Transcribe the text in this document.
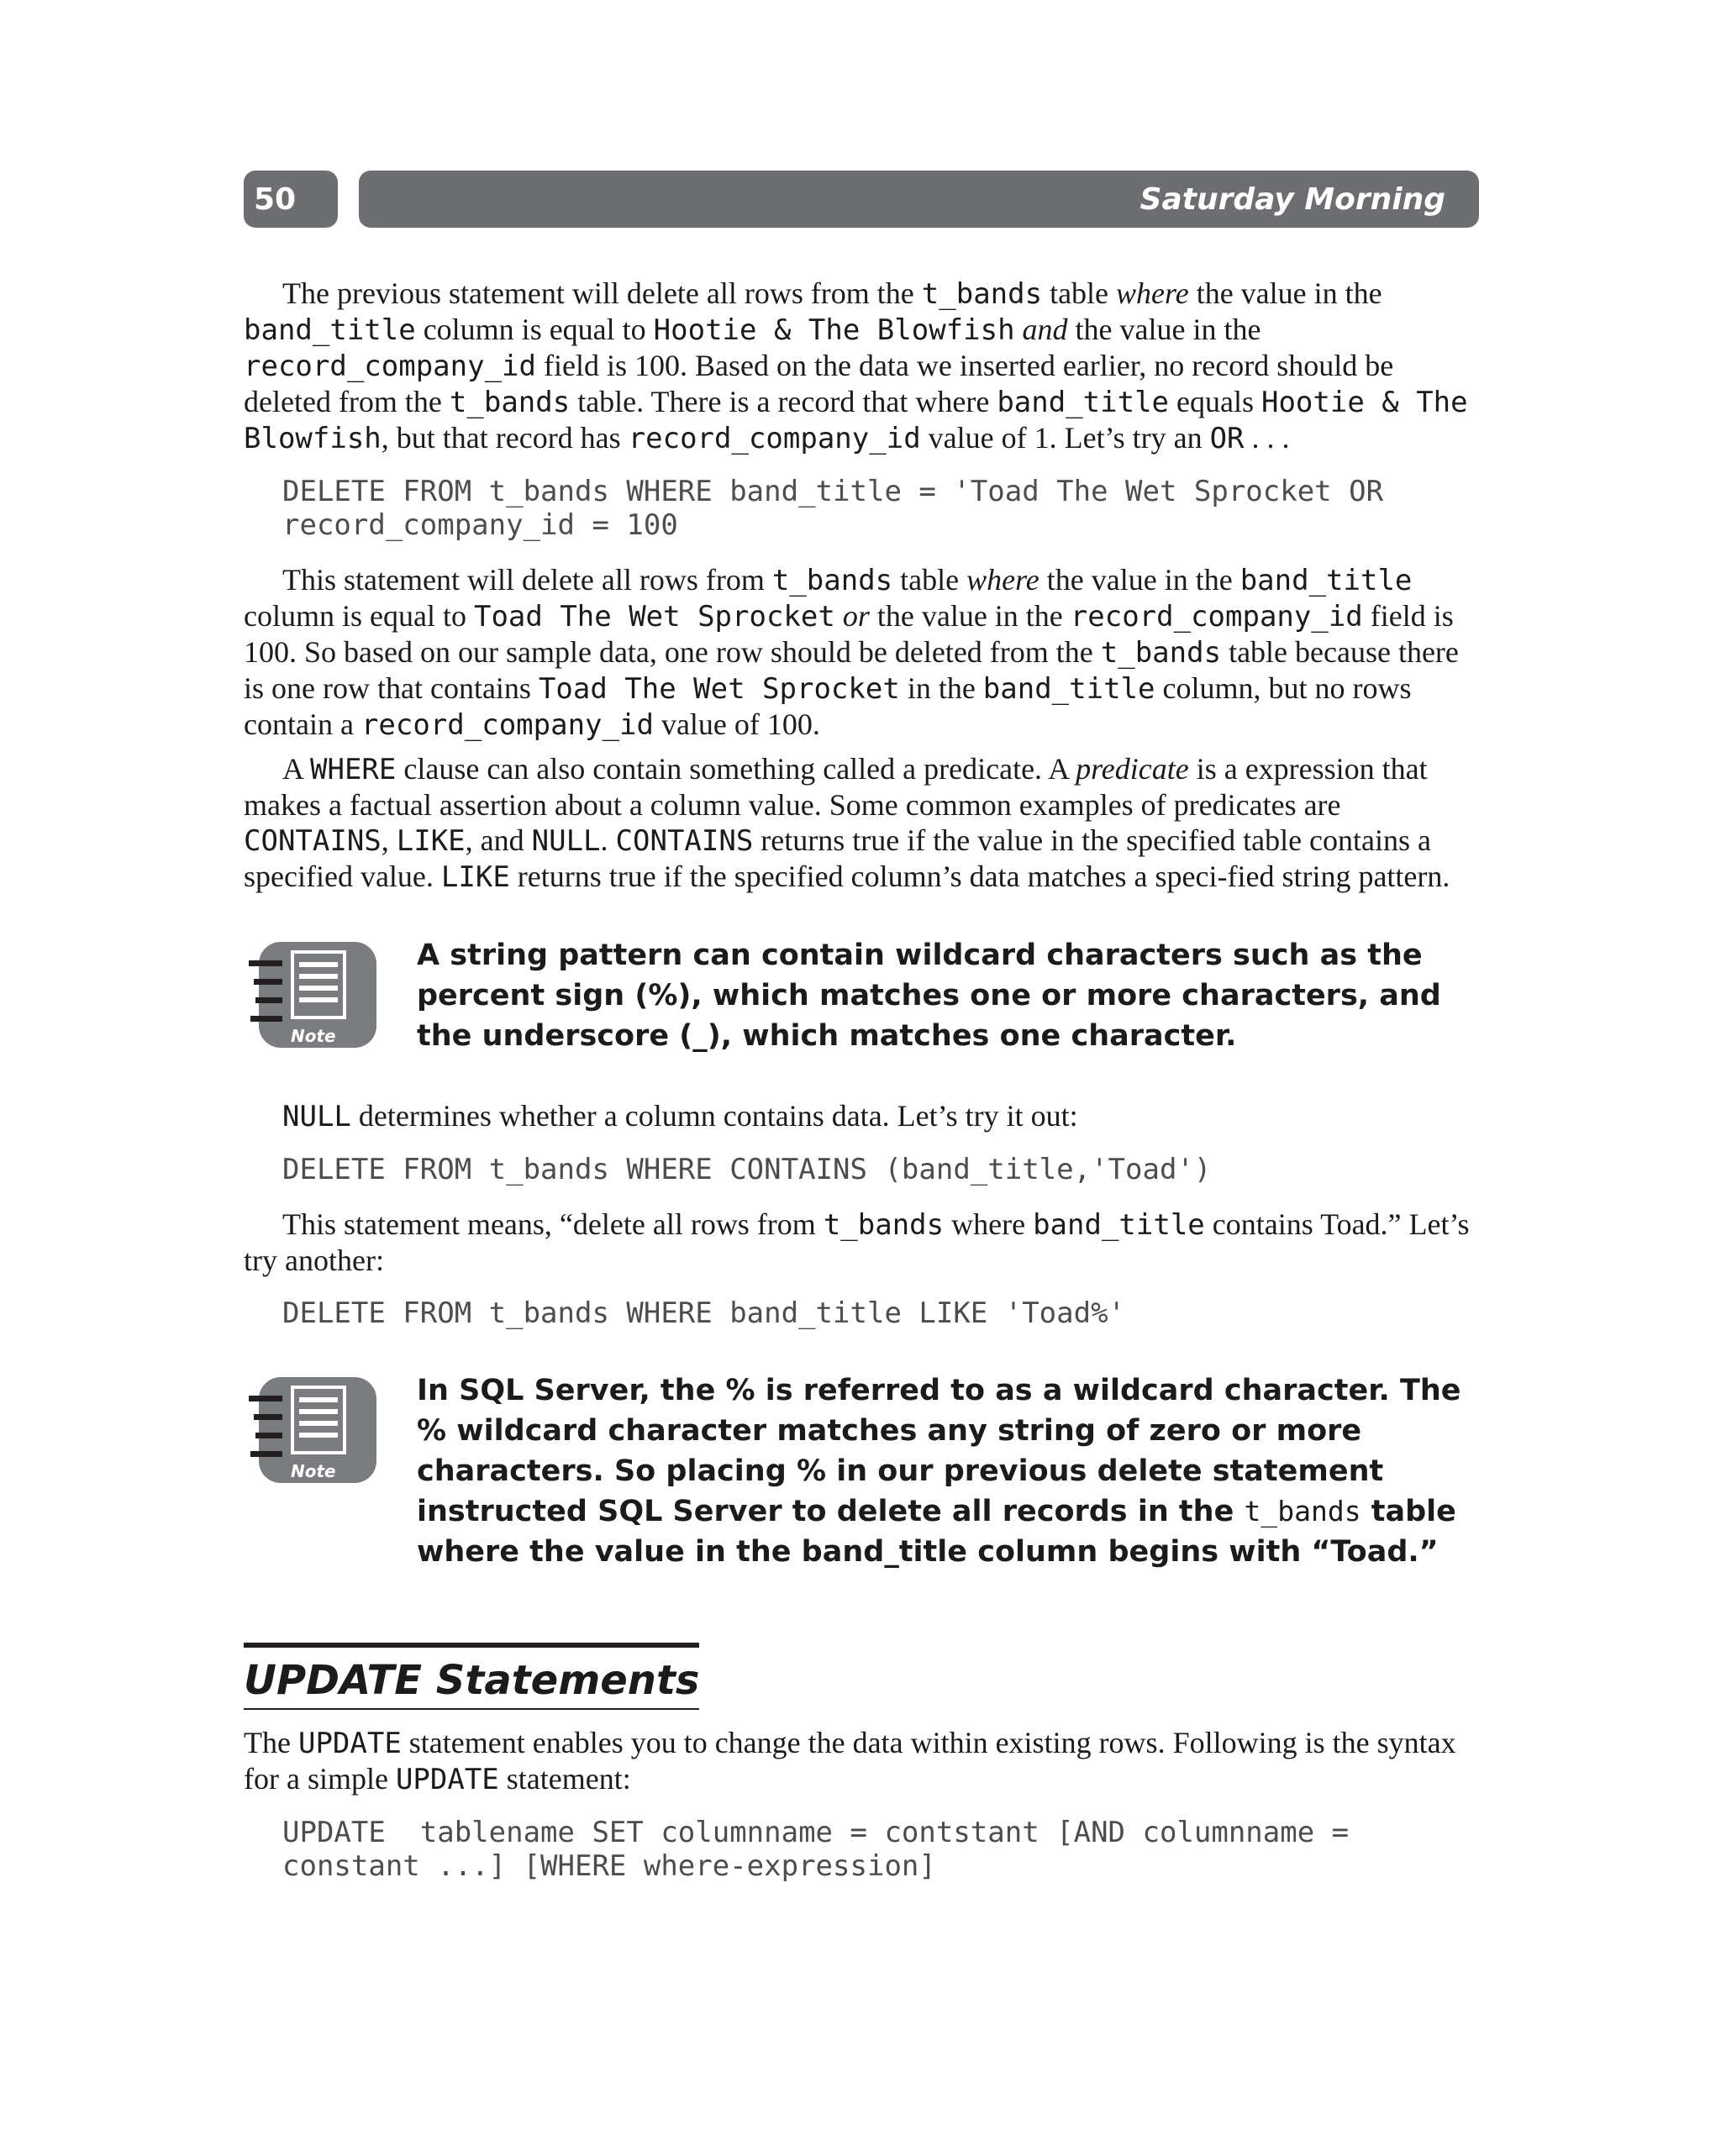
50	Saturday Morning

The previous statement will delete all rows from the t_bands table where the value in the band_title column is equal to Hootie & The Blowfish and the value in the record_company_id field is 100. Based on the data we inserted earlier, no record should be deleted from the t_bands table. There is a record that where band_title equals Hootie & The Blowfish, but that record has record_company_id value of 1. Let’s try an OR . . .

DELETE FROM t_bands WHERE band_title = 'Toad The Wet Sprocket OR
record_company_id = 100

This statement will delete all rows from t_bands table where the value in the band_title column is equal to Toad The Wet Sprocket or the value in the record_company_id field is 100. So based on our sample data, one row should be deleted from the t_bands table because there is one row that contains Toad The Wet Sprocket in the band_title column, but no rows contain a record_company_id value of 100.

A WHERE clause can also contain something called a predicate. A predicate is a expression that makes a factual assertion about a column value. Some common examples of predicates are CONTAINS, LIKE, and NULL. CONTAINS returns true if the value in the specified table contains a specified value. LIKE returns true if the specified column’s data matches a speci-fied string pattern.

Note
A string pattern can contain wildcard characters such as the percent sign (%), which matches one or more characters, and the underscore (_), which matches one character.

NULL determines whether a column contains data. Let’s try it out:

DELETE FROM t_bands WHERE CONTAINS (band_title,'Toad')

This statement means, “delete all rows from t_bands where band_title contains Toad.” Let’s try another:

DELETE FROM t_bands WHERE band_title LIKE 'Toad%'
Note
In SQL Server, the % is referred to as a wildcard character. The % wildcard character matches any string of zero or more characters. So placing % in our previous delete statement instructed SQL Server to delete all records in the t_bands table where the value in the band_title column begins with “Toad.”
UPDATE Statements

The UPDATE statement enables you to change the data within existing rows. Following is the syntax for a simple UPDATE statement:

UPDATE  tablename SET columnname = contstant [AND columnname =
constant ...] [WHERE where-expression]
